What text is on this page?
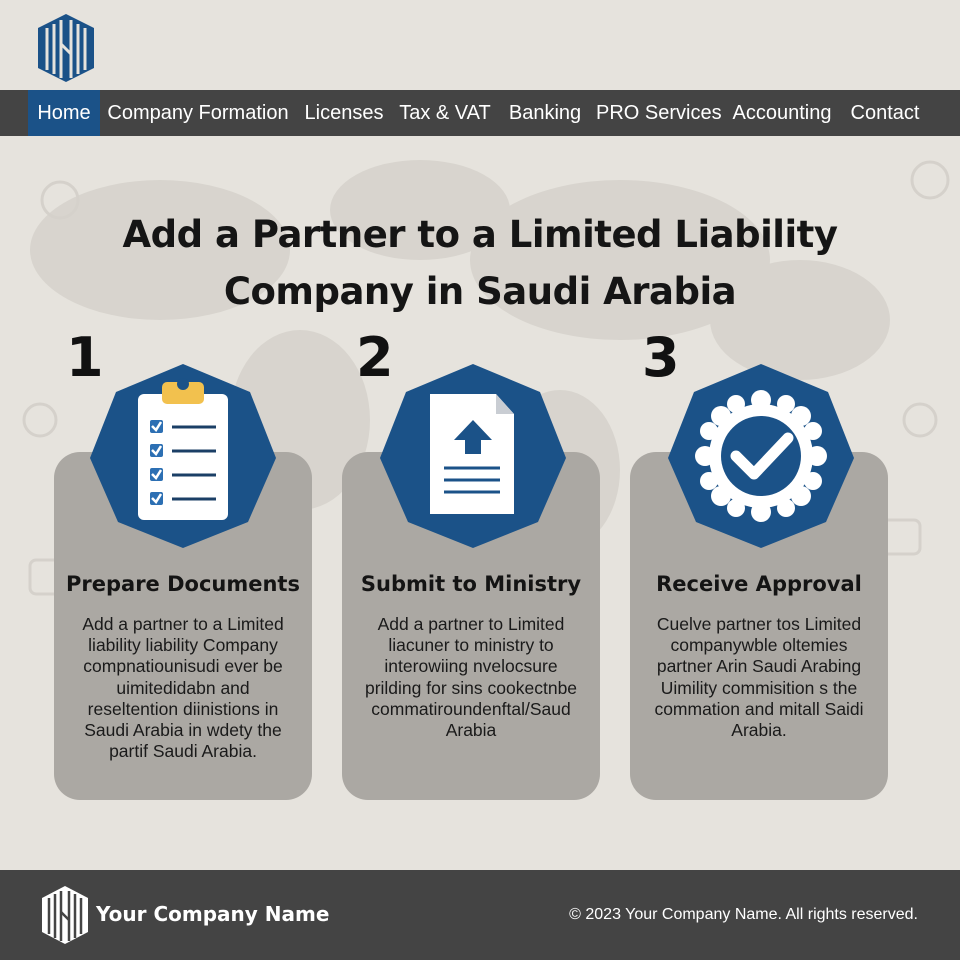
Home Company Formation Licenses Tax & VAT Banking PRO Services Accounting Contact
Add a Partner to a Limited Liability
Company in Saudi Arabia
1	2	3
Prepare Documents
Add a partner to a Limited
liability liability Company
compnatiounisudi ever be
uimitedidabn and
reseltention diinistions in
Saudi Arabia in wdety the
partif Saudi Arabia.
Submit to Ministry
Add a partner to Limited
liacuner to ministry to
interowiing nvelocsure
prilding for sins cookectnbe
commatiroundenftal/Saud
Arabia
Receive Approval
Cuelve partner tos Limited
companywble oltemies
partner Arin Saudi Arabing
Uimility commisition s the
commation and mitall Saidi
Arabia.
Your Company Name	© 2023 Your Company Name. All rights reserved.
